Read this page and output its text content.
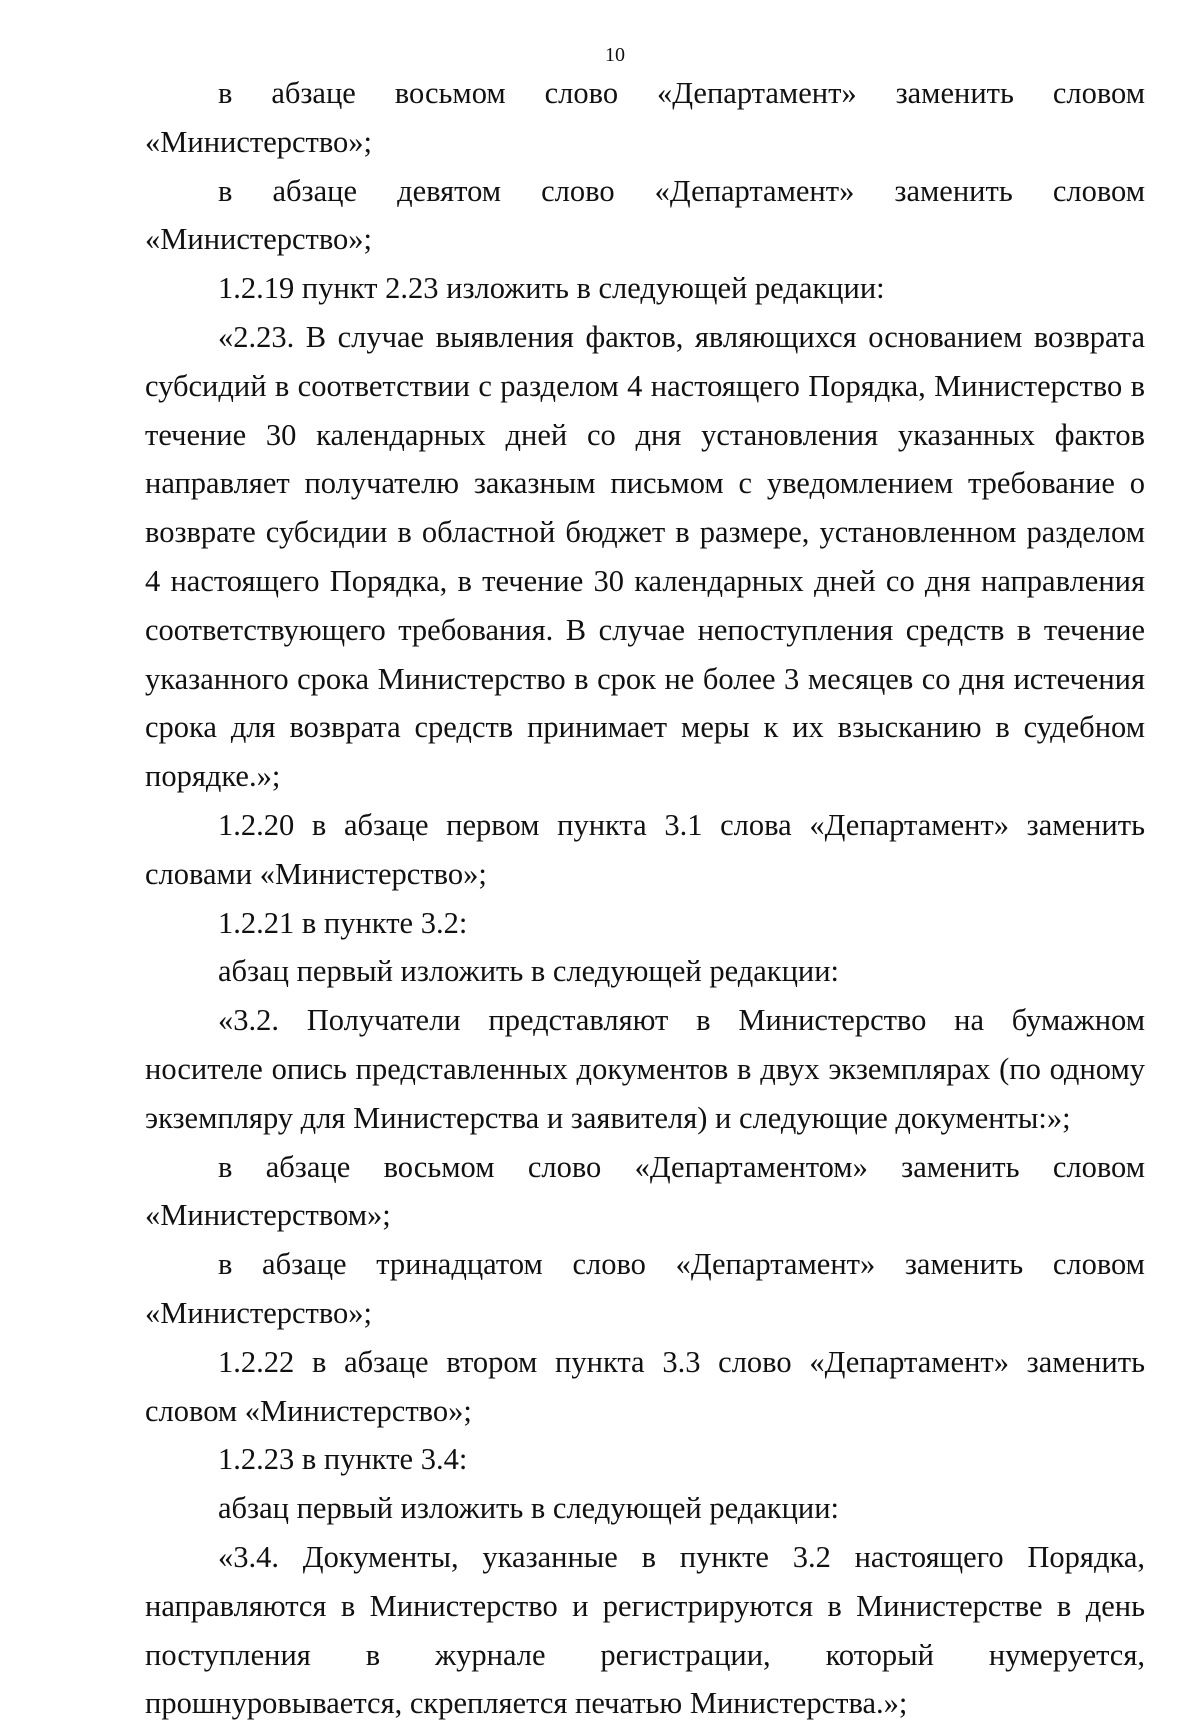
10

в абзаце восьмом слово «Департамент» заменить словом «Министерство»;

в абзаце девятом слово «Департамент» заменить словом «Министерство»;

1.2.19 пункт 2.23 изложить в следующей редакции:

«2.23. В случае выявления фактов, являющихся основанием возврата субсидий в соответствии с разделом 4 настоящего Порядка, Министерство в течение 30 календарных дней со дня установления указанных фактов направляет получателю заказным письмом с уведомлением требование о возврате субсидии в областной бюджет в размере, установленном разделом 4 настоящего Порядка, в течение 30 календарных дней со дня направления соответствующего требования. В случае непоступления средств в течение указанного срока Министерство в срок не более 3 месяцев со дня истечения срока для возврата средств принимает меры к их взысканию в судебном порядке.»;

1.2.20 в абзаце первом пункта 3.1 слова «Департамент» заменить словами «Министерство»;

1.2.21 в пункте 3.2:

абзац первый изложить в следующей редакции:

«3.2. Получатели представляют в Министерство на бумажном носителе опись представленных документов в двух экземплярах (по одному экземпляру для Министерства и заявителя) и следующие документы:»;

в абзаце восьмом слово «Департаментом» заменить словом «Министерством»;

в абзаце тринадцатом слово «Департамент» заменить словом «Министерство»;

1.2.22 в абзаце втором пункта 3.3 слово «Департамент» заменить словом «Министерство»;

1.2.23 в пункте 3.4:

абзац первый изложить в следующей редакции:

«3.4. Документы, указанные в пункте 3.2 настоящего Порядка, направляются в Министерство и регистрируются в Министерстве в день поступления в журнале регистрации, который нумеруется, прошнуровывается, скрепляется печатью Министерства.»;
